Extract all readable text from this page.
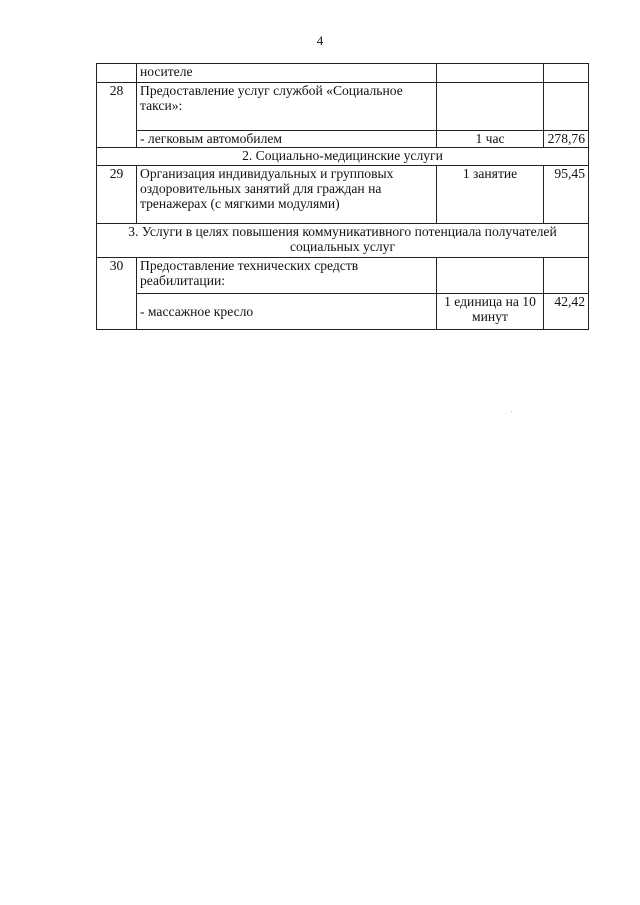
4
	носителе		
28	Предоставление услуг службой «Социальное такси»:		
	- легковым автомобилем	1 час	278,76
2. Социально-медицинские услуги			
29	Организация индивидуальных и групповых оздоровительных занятий для граждан на тренажерах (с мягкими модулями)	1 занятие	95,45
3. Услуги в целях повышения коммуникативного потенциала получателей социальных услуг			
30	Предоставление технических средств реабилитации:		
	- массажное кресло	1 единица на 10 минут	42,42
